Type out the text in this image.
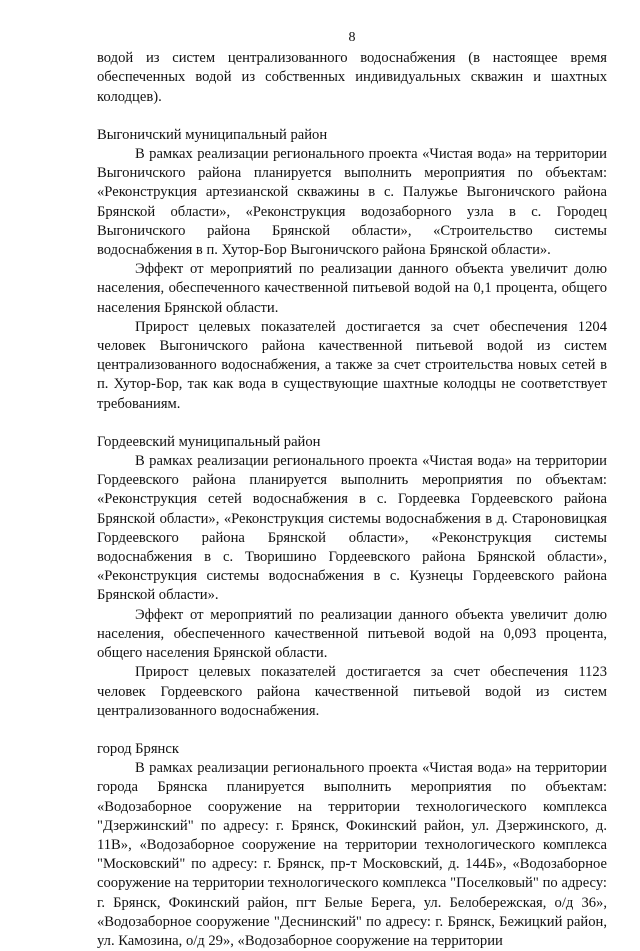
8

водой из систем централизованного водоснабжения (в настоящее время обеспеченных водой из собственных индивидуальных скважин и шахтных колодцев).

Выгоничский муниципальный район

В рамках реализации регионального проекта «Чистая вода» на территории Выгоничского района планируется выполнить мероприятия по объектам: «Реконструкция артезианской скважины в с. Палужье Выгоничского района Брянской области», «Реконструкция водозаборного узла в с. Городец Выгоничского района Брянской области», «Строительство системы водоснабжения в п. Хутор-Бор Выгоничского района Брянской области».

Эффект от мероприятий по реализации данного объекта увеличит долю населения, обеспеченного качественной питьевой водой на 0,1 процента, общего населения Брянской области.

Прирост целевых показателей достигается за счет обеспечения 1204 человек Выгоничского района качественной питьевой водой из систем централизованного водоснабжения, а также за счет строительства новых сетей в п. Хутор-Бор, так как вода в существующие шахтные колодцы не соответствует требованиям.

Гордеевский муниципальный район

В рамках реализации регионального проекта «Чистая вода» на территории Гордеевского района планируется выполнить мероприятия по объектам: «Реконструкция сетей водоснабжения в с. Гордеевка Гордеевского района Брянской области», «Реконструкция системы водоснабжения в д. Староновицкая Гордеевского района Брянской области», «Реконструкция системы водоснабжения в с. Творишино Гордеевского района Брянской области», «Реконструкция системы водоснабжения в с. Кузнецы Гордеевского района Брянской области».

Эффект от мероприятий по реализации данного объекта увеличит долю населения, обеспеченного качественной питьевой водой на 0,093 процента, общего населения Брянской области.

Прирост целевых показателей достигается за счет обеспечения 1123 человек Гордеевского района качественной питьевой водой из систем централизованного водоснабжения.

город Брянск

В рамках реализации регионального проекта «Чистая вода» на территории города Брянска планируется выполнить мероприятия по объектам: «Водозаборное сооружение на территории технологического комплекса "Дзержинский" по адресу: г. Брянск, Фокинский район, ул. Дзержинского, д. 11В», «Водозаборное сооружение на территории технологического комплекса "Московский" по адресу: г. Брянск, пр-т Московский, д. 144Б», «Водозаборное сооружение на территории технологического комплекса "Поселковый" по адресу: г. Брянск, Фокинский район, пгт Белые Берега, ул. Белобережская, о/д 36», «Водозаборное сооружение "Деснинский" по адресу: г. Брянск, Бежицкий район, ул. Камозина, о/д 29», «Водозаборное сооружение на территории
